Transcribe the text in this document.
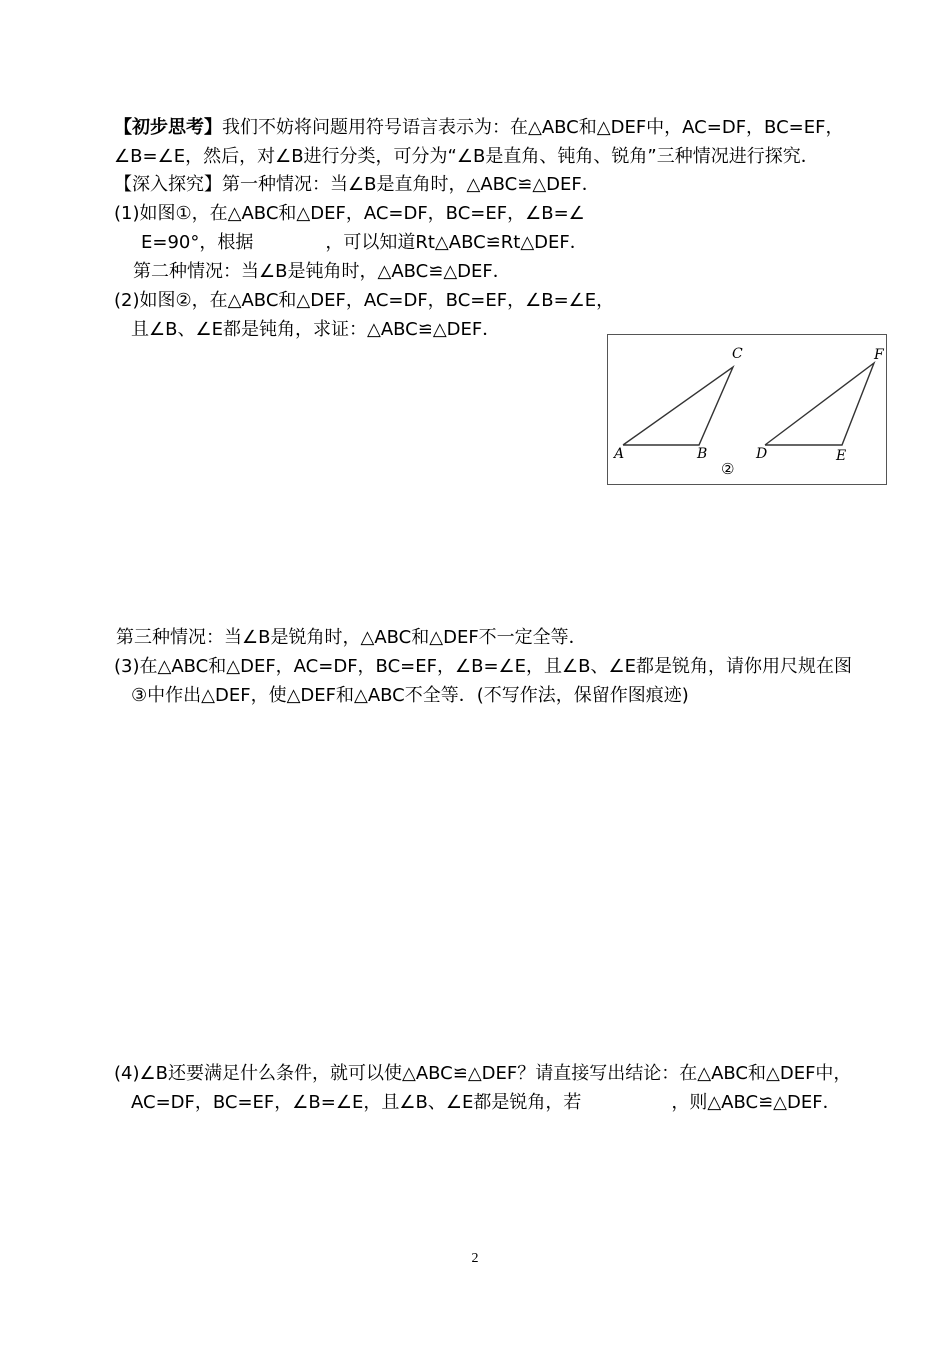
【初步思考】我们不妨将问题用符号语言表示为：在△ABC和△DEF中，AC=DF，BC=EF，
∠B=∠E，然后，对∠B进行分类，可分为“∠B是直角、钝角、锐角”三种情况进行探究．
【深入探究】第一种情况：当∠B是直角时，△ABC≌△DEF．
(1)如图①，在△ABC和△DEF，AC=DF，BC=EF，∠B=∠
E=90°，根据　　　　，可以知道Rt△ABC≌Rt△DEF．
第二种情况：当∠B是钝角时，△ABC≌△DEF．
(2)如图②，在△ABC和△DEF，AC=DF，BC=EF，∠B=∠E，
且∠B、∠E都是钝角，求证：△ABC≌△DEF．
第三种情况：当∠B是锐角时，△ABC和△DEF不一定全等．
(3)在△ABC和△DEF，AC=DF，BC=EF，∠B=∠E，且∠B、∠E都是锐角，请你用尺规在图
③中作出△DEF，使△DEF和△ABC不全等．(不写作法，保留作图痕迹)
(4)∠B还要满足什么条件，就可以使△ABC≌△DEF？请直接写出结论：在△ABC和△DEF中，
AC=DF，BC=EF，∠B=∠E，且∠B、∠E都是锐角，若　　　　　，则△ABC≌△DEF．
A	B
C
D	E
F
②
2
